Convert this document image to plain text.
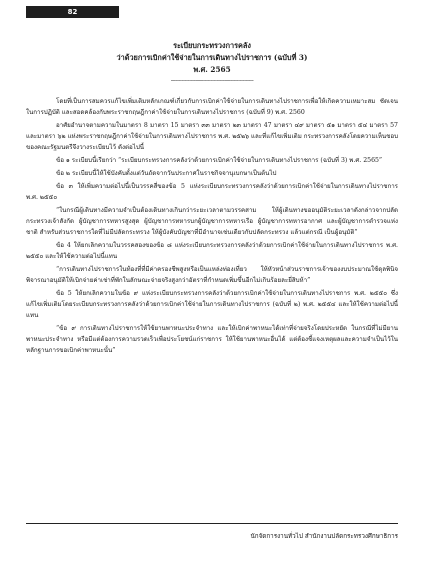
82
ระเบียบกระทรวงการคลัง
ว่าด้วยการเบิกค่าใช้จ่ายในการเดินทางไปราชการ (ฉบับที่ 3)
พ.ศ. 2565
------------------------------------------------------

โดยที่เป็นการสมควรแก้ไขเพิ่มเติมหลักเกณฑ์เกี่ยวกับการเบิกค่าใช้จ่ายในการเดินทางไปราชการเพื่อให้เกิดความเหมาะสม ชัดเจนในการปฏิบัติ และสอดคล้องกับพระราชกฤษฎีกาค่าใช้จ่ายในการเดินทางไปราชการ (ฉบับที่ 9) พ.ศ. 2560

อาศัยอำนาจตามความในมาตรา 8 มาตรา 15 มาตรา ๓๓ มาตรา ๒๓ มาตรา 47 มาตรา ๔๙ มาตรา ๕๑ มาตรา ๕๔ มาตรา 57 และมาตรา ๖๒ แห่งพระราชกฤษฎีกาค่าใช้จ่ายในการเดินทางไปราชการ พ.ศ. ๒๕๒๖ และที่แก้ไขเพิ่มเติม กระทรวงการคลังโดยความเห็นชอบของคณะรัฐมนตรีจึงวางระเบียบไว้ ดังต่อไปนี้

ข้อ ๑ ระเบียบนี้เรียกว่า “ระเบียบกระทรวงการคลังว่าด้วยการเบิกค่าใช้จ่ายในการเดินทางไปราชการ (ฉบับที่ 3) พ.ศ. 2565”

ข้อ ๒ ระเบียบนี้ให้ใช้บังคับตั้งแต่วันถัดจากวันประกาศในราชกิจจานุเบกษาเป็นต้นไป

ข้อ ๓ ให้เพิ่มความต่อไปนี้เป็นวรรคสี่ของข้อ 5 แห่งระเบียบกระทรวงการคลังว่าด้วยการเบิกค่าใช้จ่ายในการเดินทางไปราชการ พ.ศ. ๒๕๕๐

“ในกรณีผู้เดินทางมีความจำเป็นต้องเดินทางเกินกว่าระยะเวลาตามวรรคสาม ให้ผู้เดินทางขออนุมัติระยะเวลาดังกล่าวจากปลัดกระทรวงเจ้าสังกัด ผู้บัญชาการทหารสูงสุด ผู้บัญชาการทหารบกผู้บัญชาการทหารเรือ ผู้บัญชาการทหารอากาศ และผู้บัญชาการตำรวจแห่งชาติ สำหรับส่วนราชการใดที่ไม่มีปลัดกระทรวง ให้ผู้บังคับบัญชาที่มีอำนาจเช่นเดียวกับปลัดกระทรวง แล้วแต่กรณี เป็นผู้อนุมัติ”

ข้อ 4 ให้ยกเลิกความในวรรคสองของข้อ ๘ แห่งระเบียบกระทรวงการคลังว่าด้วยการเบิกค่าใช้จ่ายในการเดินทางไปราชการ พ.ศ. ๒๕๕๐ และให้ใช้ความต่อไปนี้แทน

“การเดินทางไปราชการในท้องที่ที่มีค่าครองชีพสูงหรือเป็นแหล่งท่องเที่ยว ให้หัวหน้าส่วนราชการเจ้าของงบประมาณใช้ดุลพินิจพิจารณาอนุมัติให้เบิกจ่ายค่าเช่าที่พักในลักษณะจ่ายจริงสูงกว่าอัตราที่กำหนดเพิ่มขึ้นอีกไม่เกินร้อยละยี่สิบห้า”

ข้อ 5 ให้ยกเลิกความในข้อ ๙ แห่งระเบียบกระทรวงการคลังว่าด้วยการเบิกค่าใช้จ่ายในการเดินทางไปราชการ พ.ศ. ๒๕๕๐ ซึ่งแก้ไขเพิ่มเติมโดยระเบียบกระทรวงการคลังว่าด้วยการเบิกค่าใช้จ่ายในการเดินทางไปราชการ (ฉบับที่ ๒) พ.ศ. ๒๕๕๔ และให้ใช้ความต่อไปนี้แทน

“ข้อ ๙ การเดินทางไปราชการให้ใช้ยานพาหนะประจำทาง และให้เบิกค่าพาหนะได้เท่าที่จ่ายจริงโดยประหยัด ในกรณีที่ไม่มียานพาหนะประจำทาง หรือมีแต่ต้องการความรวดเร็วเพื่อประโยชน์แก่ราชการ ให้ใช้ยานพาหนะอื่นได้ แต่ต้องชี้แจงเหตุผลและความจำเป็นไว้ในหลักฐานการขอเบิกค่าพาหนะนั้น”

นักจัดการงานทั่วไป สำนักงานปลัดกระทรวงศึกษาธิการ
